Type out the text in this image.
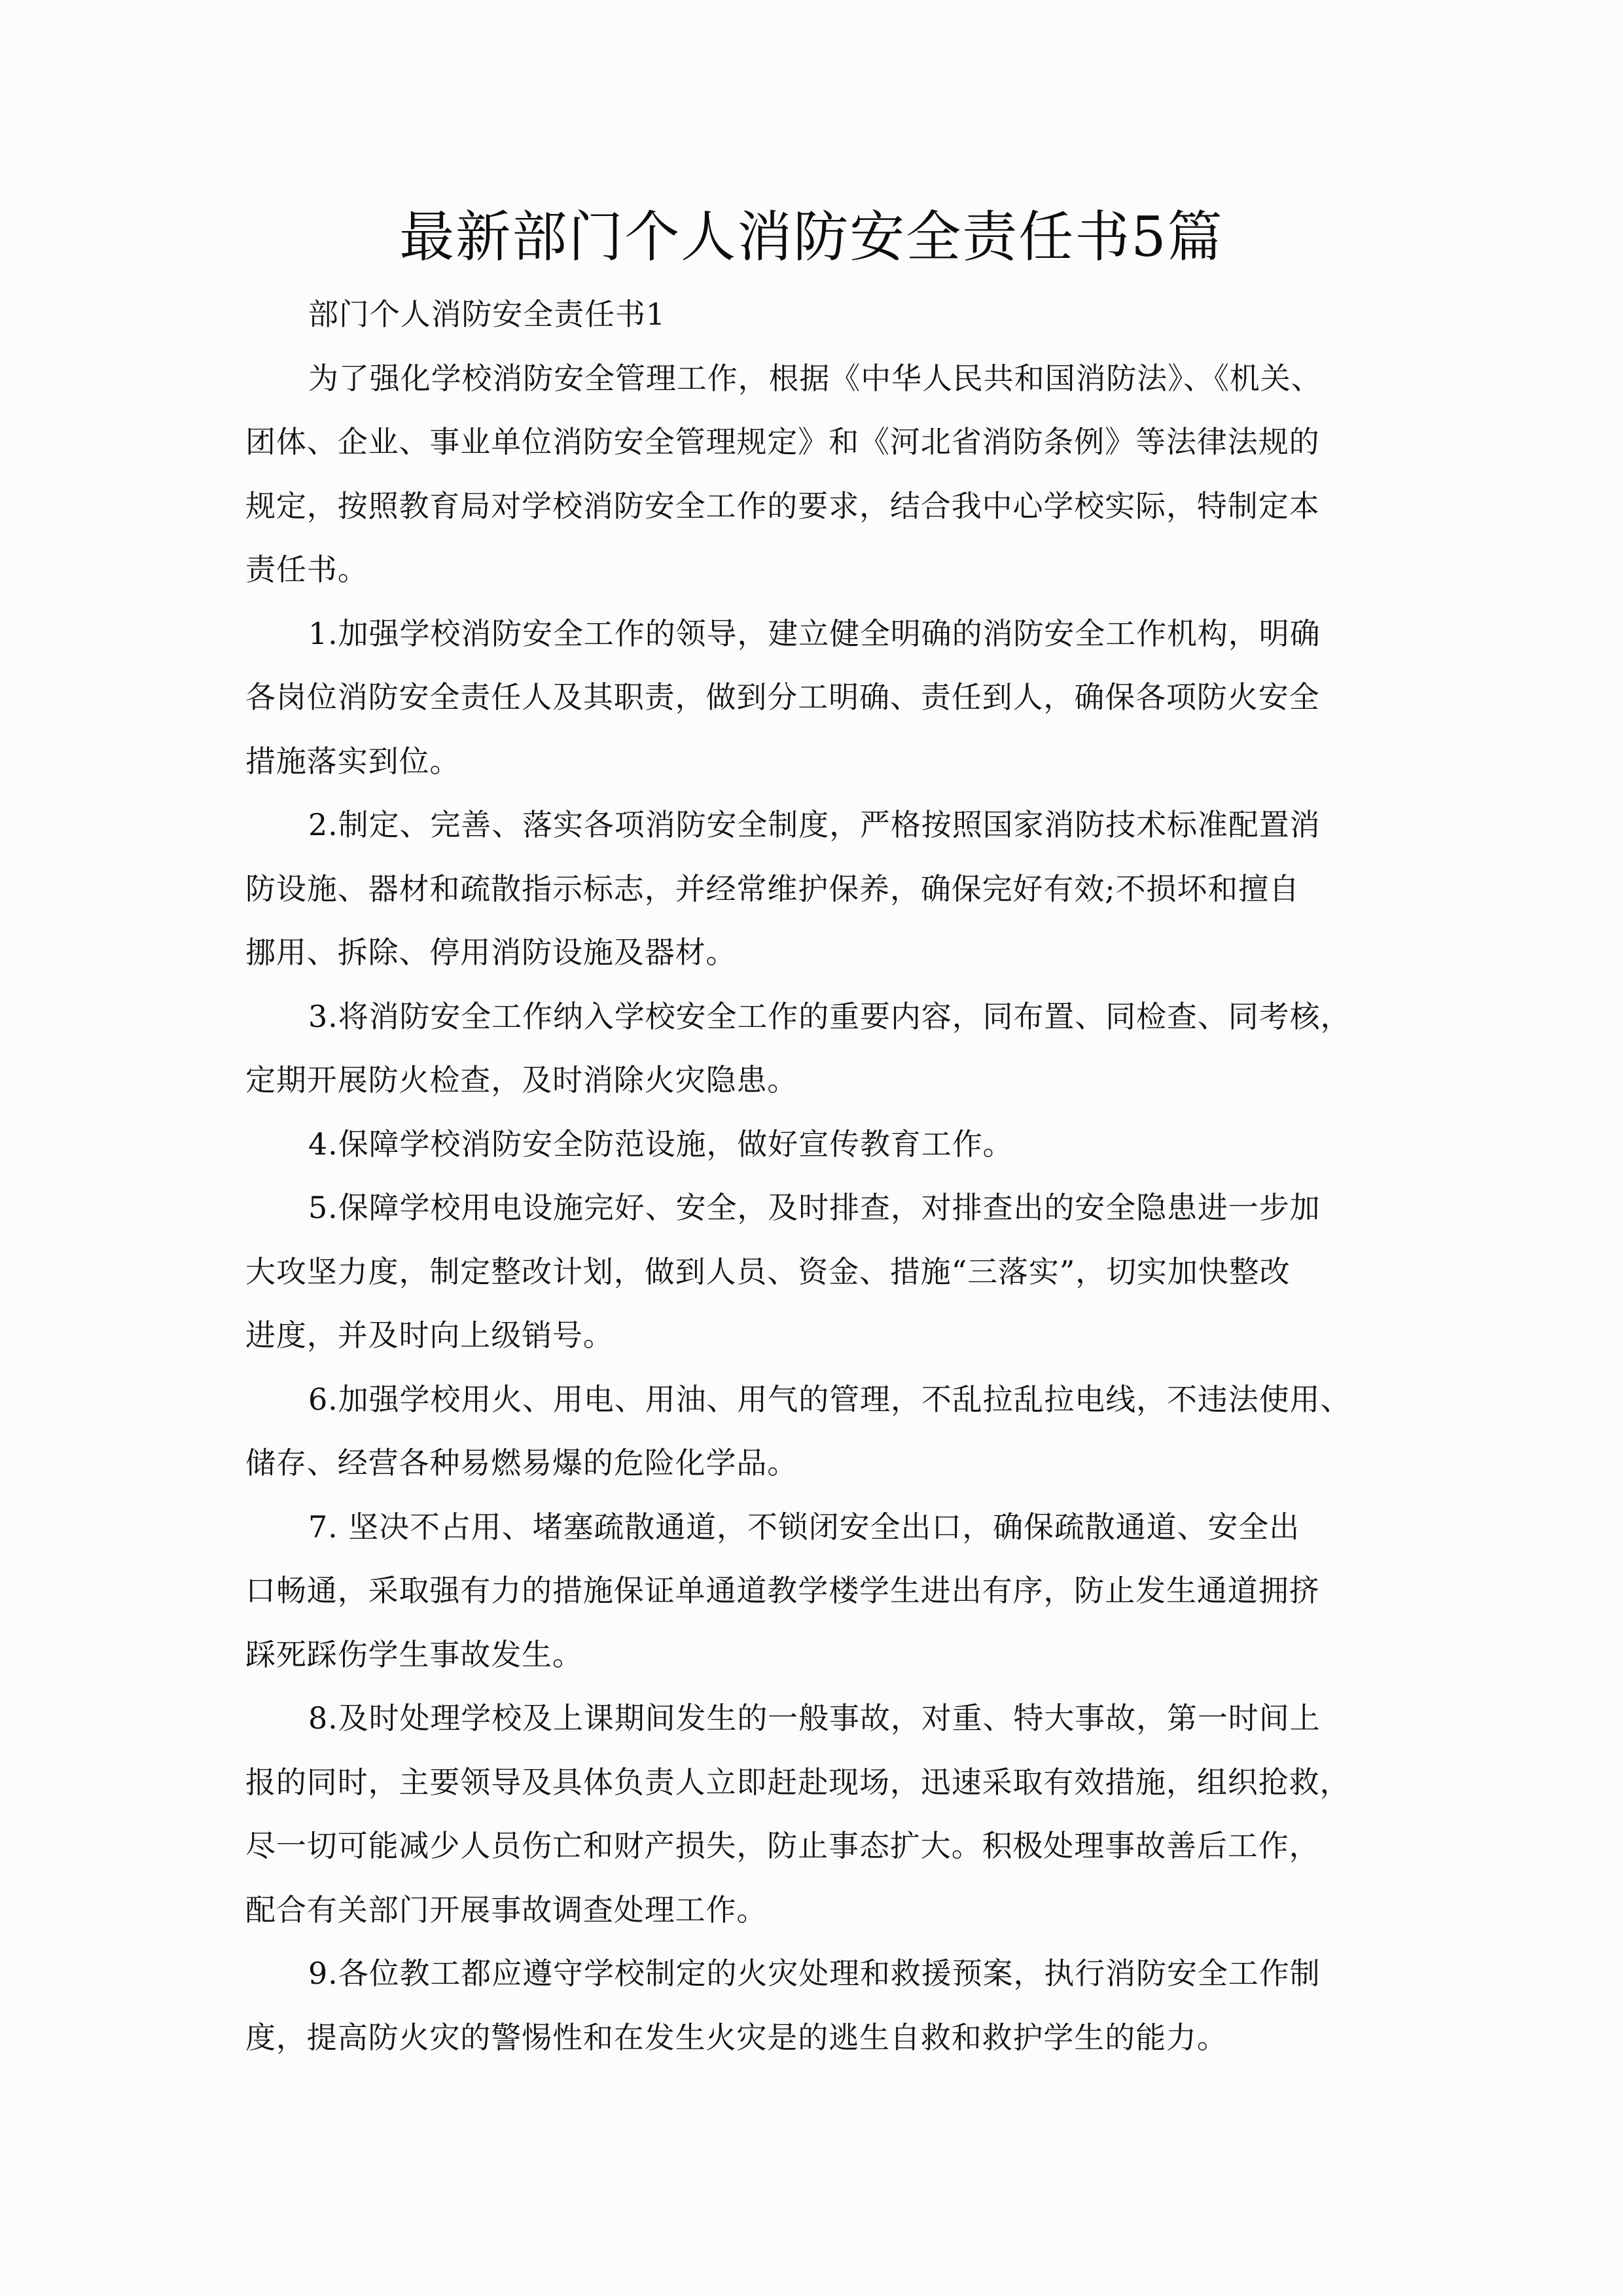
最新部门个人消防安全责任书5篇
部门个人消防安全责任书1
为了强化学校消防安全管理工作，根据《中华人民共和国消防法》、《机关、
团体、企业、事业单位消防安全管理规定》和《河北省消防条例》等法律法规的
规定，按照教育局对学校消防安全工作的要求，结合我中心学校实际，特制定本
责任书。
1.加强学校消防安全工作的领导，建立健全明确的消防安全工作机构，明确
各岗位消防安全责任人及其职责，做到分工明确、责任到人，确保各项防火安全
措施落实到位。
2.制定、完善、落实各项消防安全制度，严格按照国家消防技术标准配置消
防设施、器材和疏散指示标志，并经常维护保养，确保完好有效;不损坏和擅自
挪用、拆除、停用消防设施及器材。
3.将消防安全工作纳入学校安全工作的重要内容，同布置、同检查、同考核，
定期开展防火检查，及时消除火灾隐患。
4.保障学校消防安全防范设施，做好宣传教育工作。
5.保障学校用电设施完好、安全，及时排查，对排查出的安全隐患进一步加
大攻坚力度，制定整改计划，做到人员、资金、措施“三落实”，切实加快整改
进度，并及时向上级销号。
6.加强学校用火、用电、用油、用气的管理，不乱拉乱拉电线，不违法使用、
储存、经营各种易燃易爆的危险化学品。
7. 坚决不占用、堵塞疏散通道，不锁闭安全出口，确保疏散通道、安全出
口畅通，采取强有力的措施保证单通道教学楼学生进出有序，防止发生通道拥挤
踩死踩伤学生事故发生。
8.及时处理学校及上课期间发生的一般事故，对重、特大事故，第一时间上
报的同时，主要领导及具体负责人立即赶赴现场，迅速采取有效措施，组织抢救，
尽一切可能减少人员伤亡和财产损失，防止事态扩大。积极处理事故善后工作，
配合有关部门开展事故调查处理工作。
9.各位教工都应遵守学校制定的火灾处理和救援预案，执行消防安全工作制
度，提高防火灾的警惕性和在发生火灾是的逃生自救和救护学生的能力。
